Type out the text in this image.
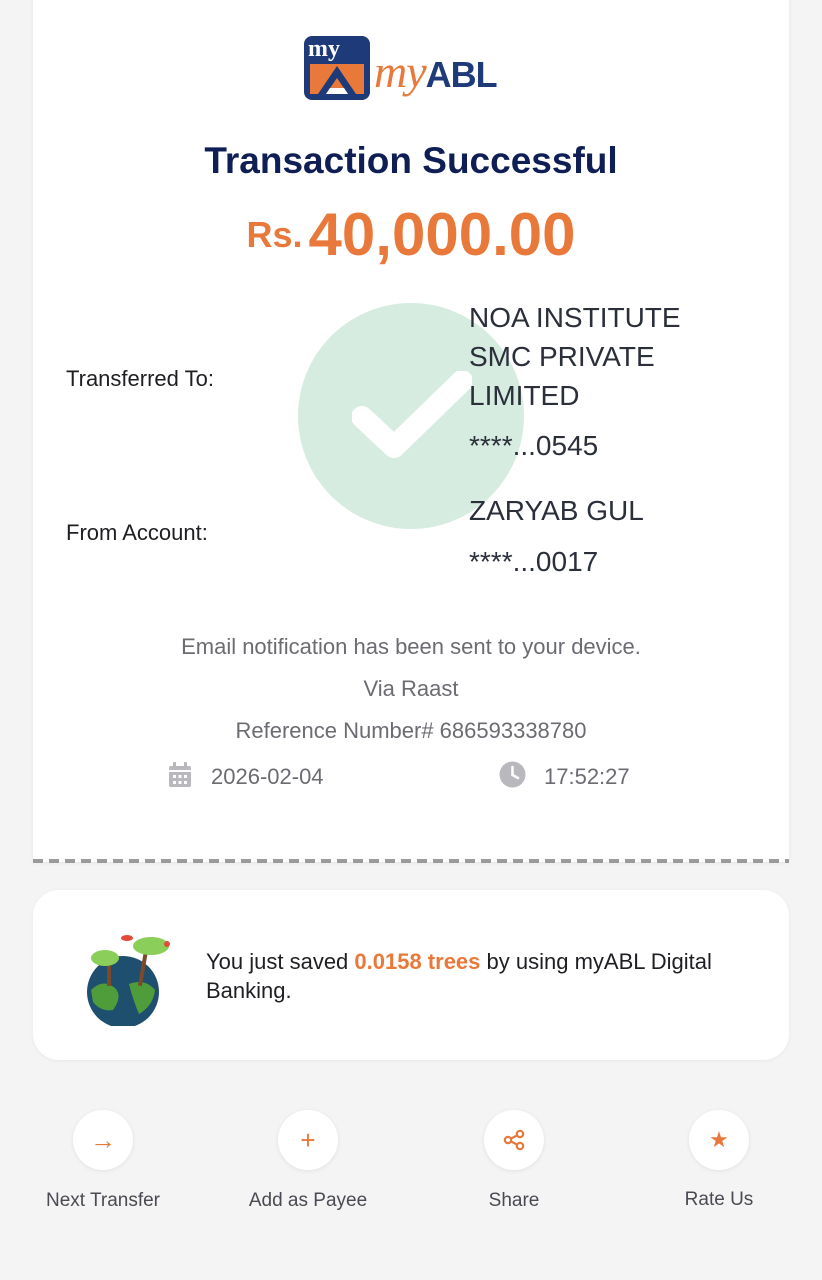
my myABL
Transaction Successful
Rs. 40,000.00
Transferred To:
NOA INSTITUTE
SMC PRIVATE
LIMITED
****...0545
From Account:
ZARYAB GUL
****...0017
Email notification has been sent to your device.
Via Raast
Reference Number# 686593338780
2026-02-04	17:52:27
You just saved 0.0158 trees by using myABL Digital Banking.
→
Next Transfer
+
Add as Payee	Share
★
Rate Us
